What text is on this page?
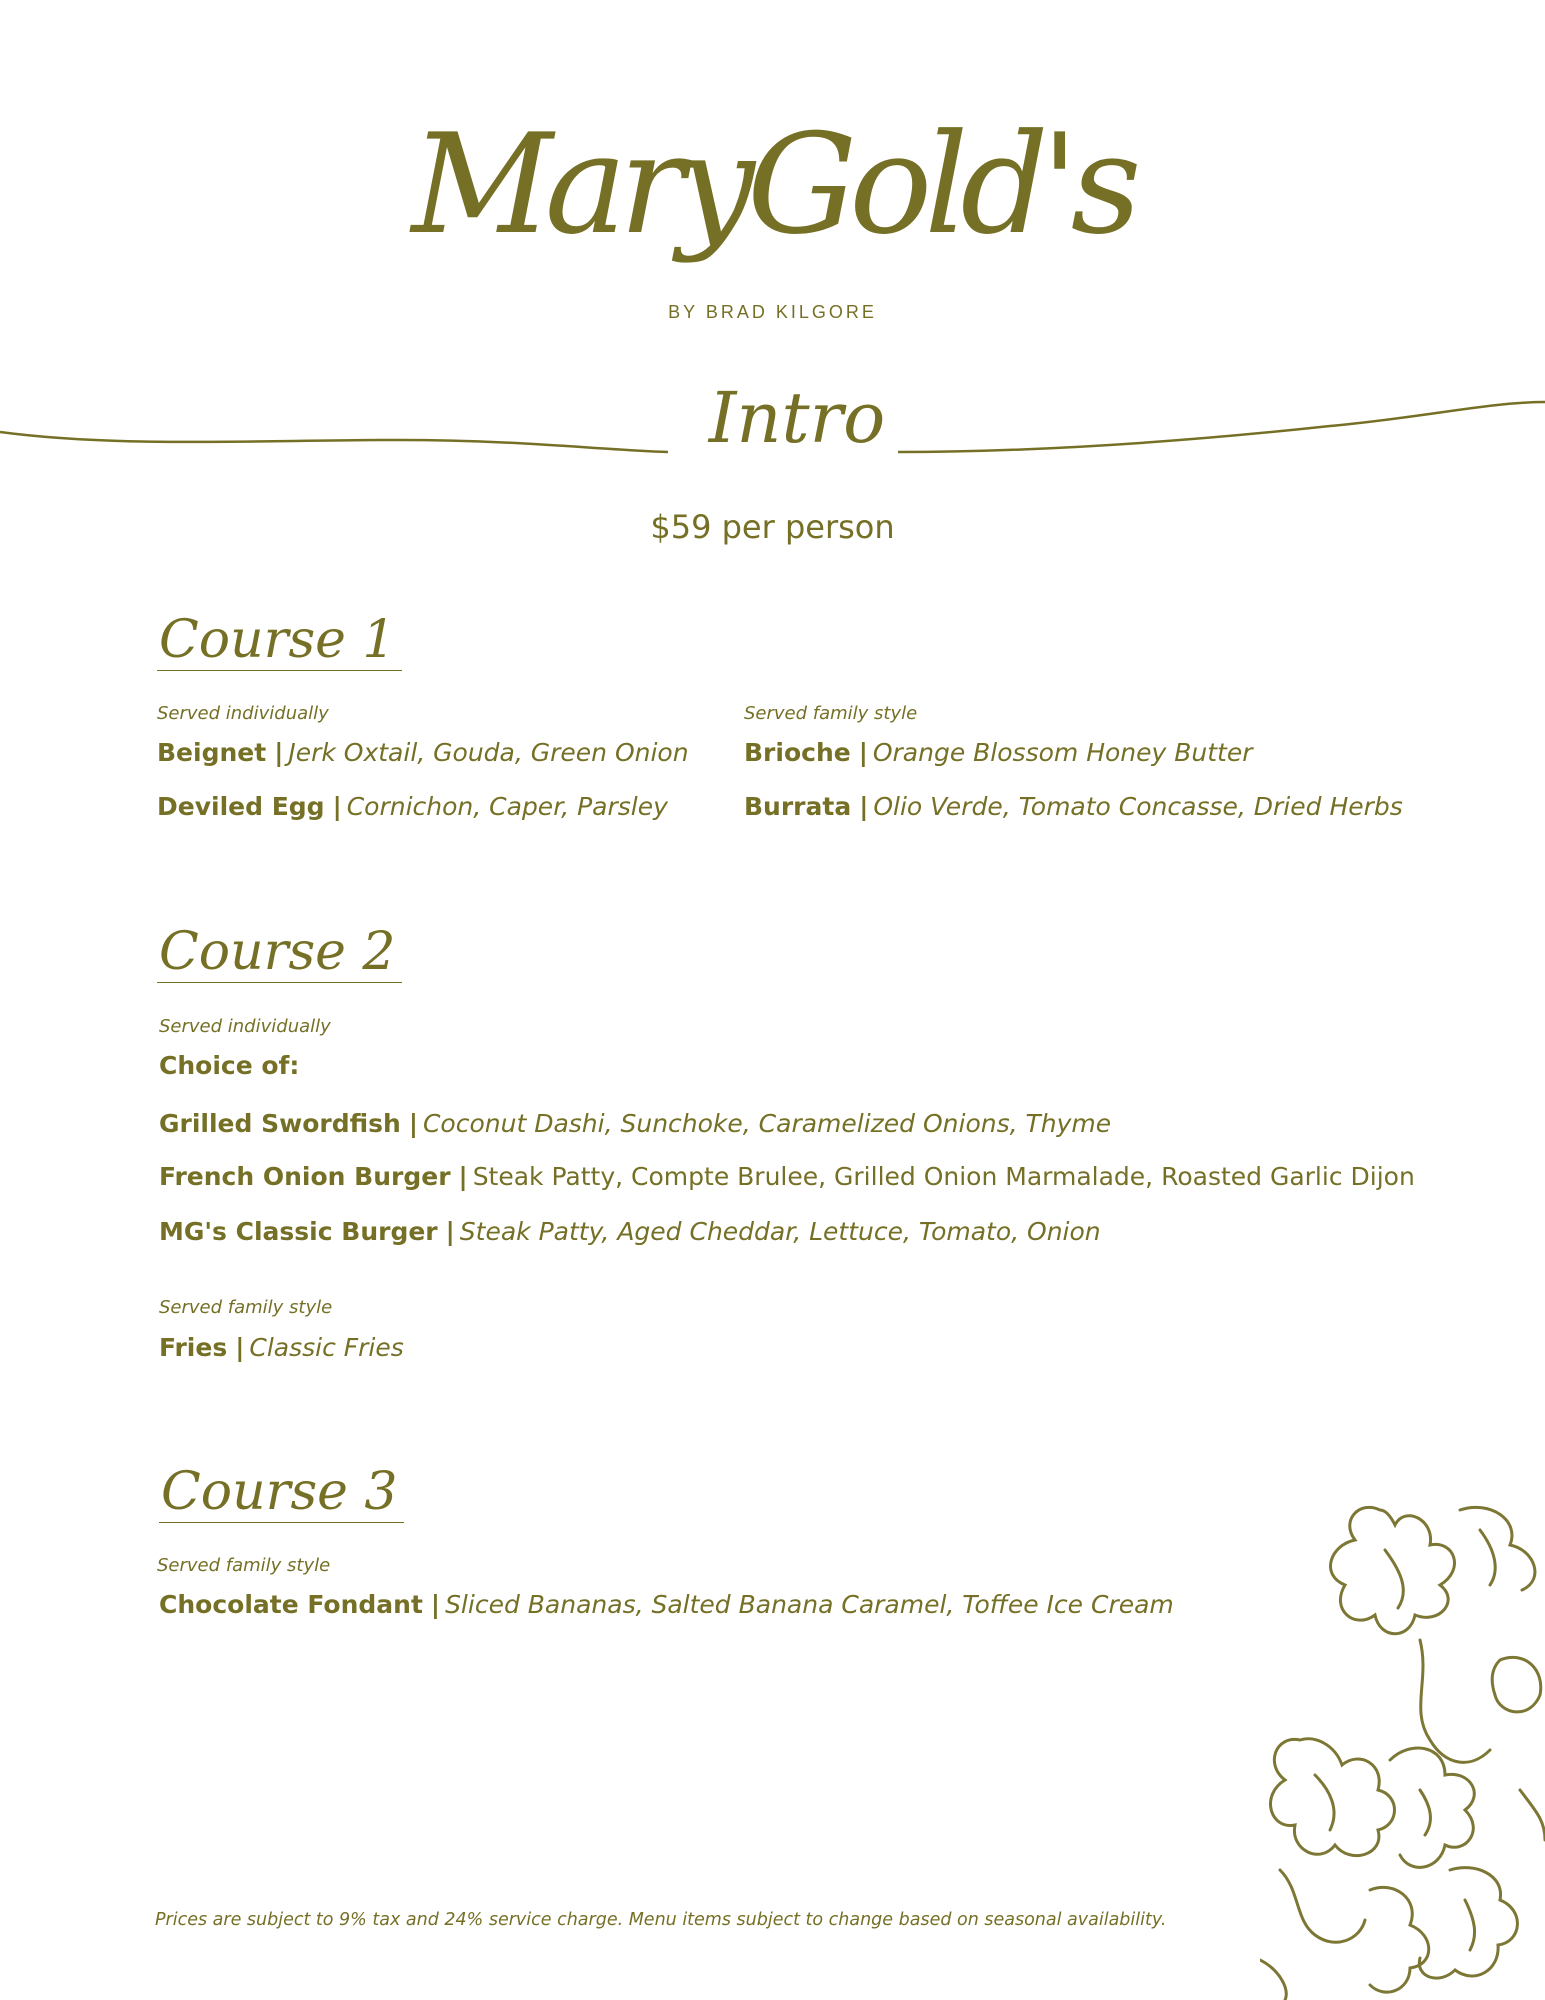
MaryGold's
BY BRAD KILGORE
Intro
$59 per person
Course 1
Served individually
Beignet | Jerk Oxtail, Gouda, Green Onion
Deviled Egg | Cornichon, Caper, Parsley
Served family style
Brioche | Orange Blossom Honey Butter
Burrata | Olio Verde, Tomato Concasse, Dried Herbs
Course 2
Served individually
Choice of:
Grilled Swordfish | Coconut Dashi, Sunchoke, Caramelized Onions, Thyme
French Onion Burger | Steak Patty, Compte Brulee, Grilled Onion Marmalade, Roasted Garlic Dijon
MG's Classic Burger | Steak Patty, Aged Cheddar, Lettuce, Tomato, Onion
Served family style
Fries | Classic Fries
Course 3
Served family style
Chocolate Fondant | Sliced Bananas, Salted Banana Caramel, Toffee Ice Cream
Prices are subject to 9% tax and 24% service charge. Menu items subject to change based on seasonal availability.
